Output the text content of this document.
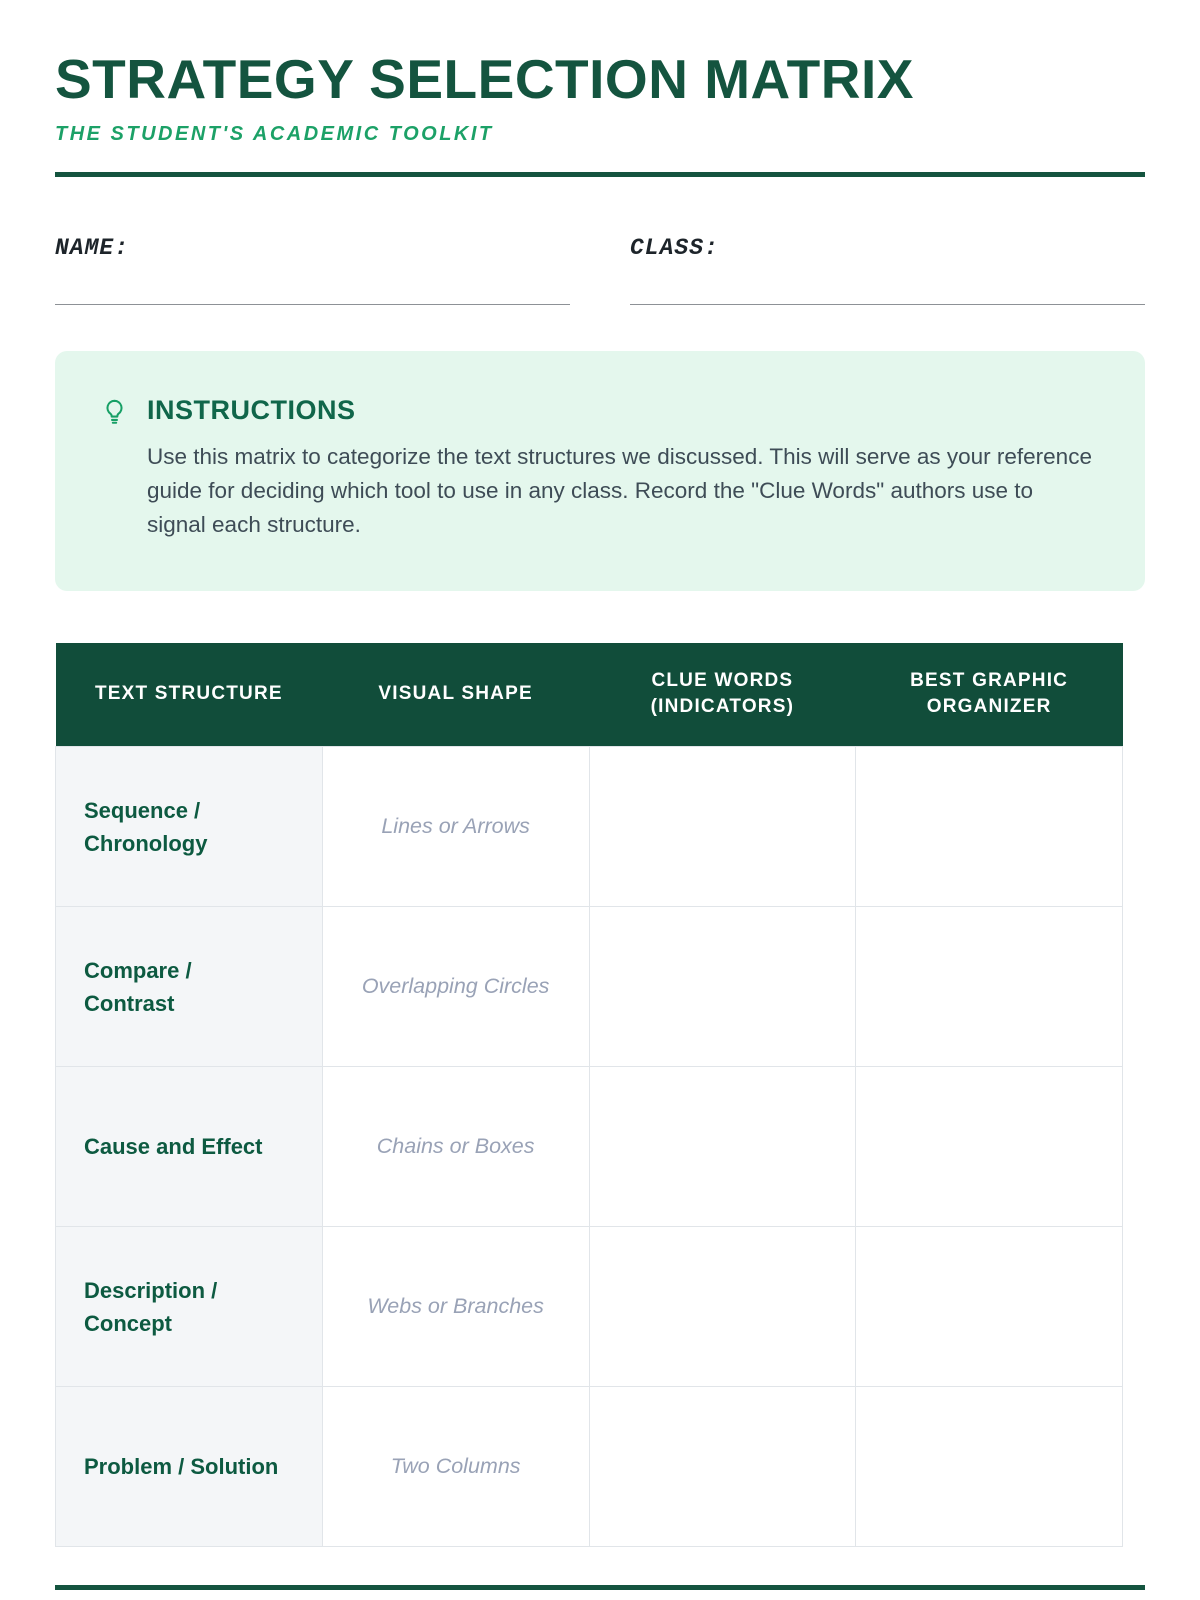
STRATEGY SELECTION MATRIX
THE STUDENT'S ACADEMIC TOOLKIT
NAME:	CLASS:
INSTRUCTIONS
Use this matrix to categorize the text structures we discussed. This will serve as your reference guide for deciding which tool to use in any class. Record the "Clue Words" authors use to signal each structure.
TEXT STRUCTURE	VISUAL SHAPE	CLUE WORDS (INDICATORS)	BEST GRAPHIC ORGANIZER
Sequence / Chronology	Lines or Arrows		
Compare / Contrast	Overlapping Circles		
Cause and Effect	Chains or Boxes		
Description / Concept	Webs or Branches		
Problem / Solution	Two Columns		
